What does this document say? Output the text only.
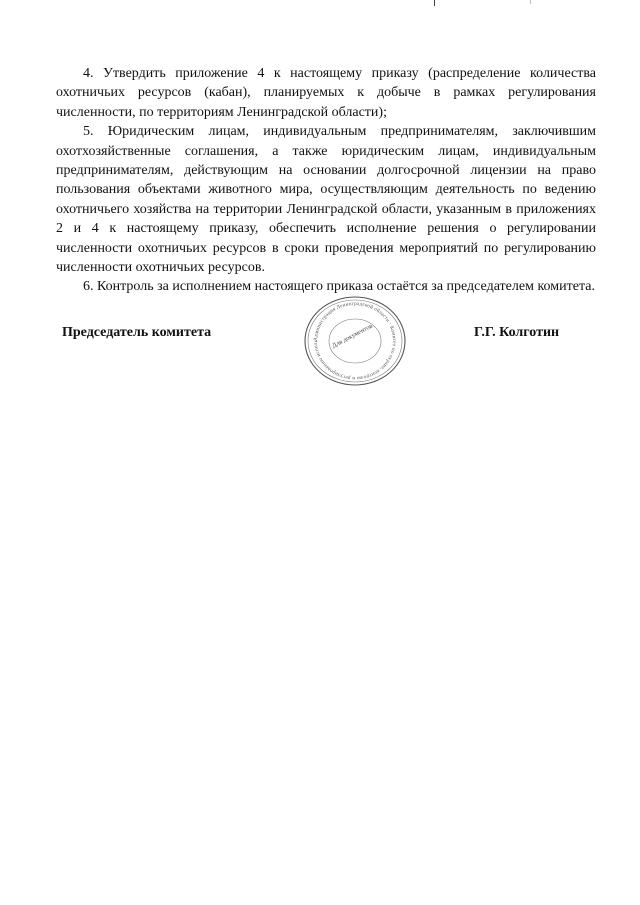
4. Утвердить приложение 4 к настоящему приказу (распределение количества охотничьих ресурсов (кабан), планируемых к добыче в рамках регулирования численности, по территориям Ленинградской области);

5. Юридическим лицам, индивидуальным предпринимателям, заключившим охотхозяйственные соглашения, а также юридическим лицам, индивидуальным предпринимателям, действующим на основании долгосрочной лицензии на право пользования объектами животного мира, осуществляющим деятельность по ведению охотничьего хозяйства на территории Ленинградской области, указанным в приложениях 2 и 4 к настоящему приказу, обеспечить исполнение решения о регулировании численности охотничьих ресурсов в сроки проведения мероприятий по регулированию численности охотничьих ресурсов.

6. Контроль за исполнением настоящего приказа остаётся за председателем комитета.

Председатель комитета	Администрация Ленинградской области · Комитет по охране, контролю и регулированию исполь	Для документов	Г.Г. Колготин
